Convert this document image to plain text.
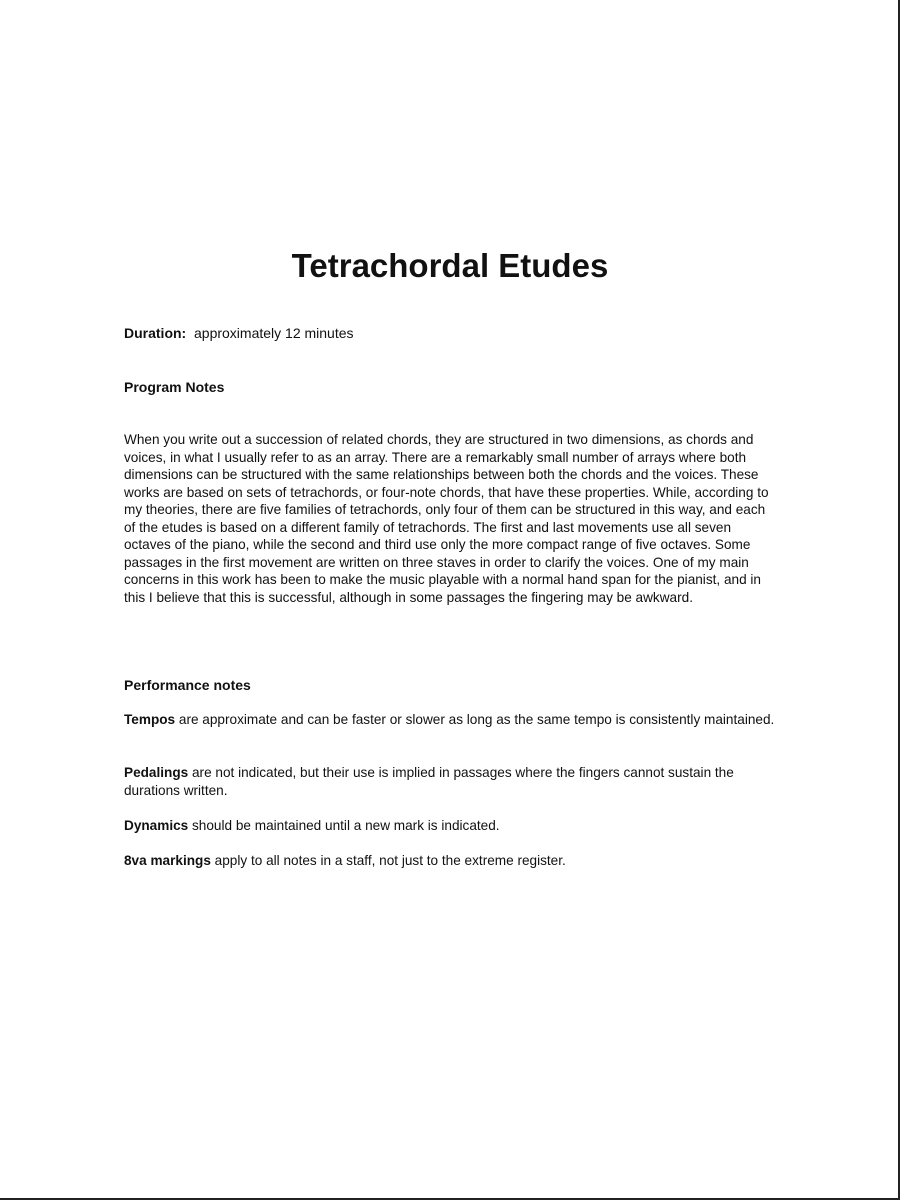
Tetrachordal Etudes

Duration: approximately 12 minutes

Program Notes

When you write out a succession of related chords, they are structured in two dimensions, as chords and voices, in what I usually refer to as an array. There are a remarkably small number of arrays where both dimensions can be structured with the same relationships between both the chords and the voices. These works are based on sets of tetrachords, or four-note chords, that have these properties. While, according to my theories, there are five families of tetrachords, only four of them can be structured in this way, and each of the etudes is based on a different family of tetrachords. The first and last movements use all seven octaves of the piano, while the second and third use only the more compact range of five octaves. Some passages in the first movement are written on three staves in order to clarify the voices. One of my main concerns in this work has been to make the music playable with a normal hand span for the pianist, and in this I believe that this is successful, although in some passages the fingering may be awkward.

Performance notes

Tempos are approximate and can be faster or slower as long as the same tempo is consistently maintained.

Pedalings are not indicated, but their use is implied in passages where the fingers cannot sustain the durations written.

Dynamics should be maintained until a new mark is indicated.

8va markings apply to all notes in a staff, not just to the extreme register.
